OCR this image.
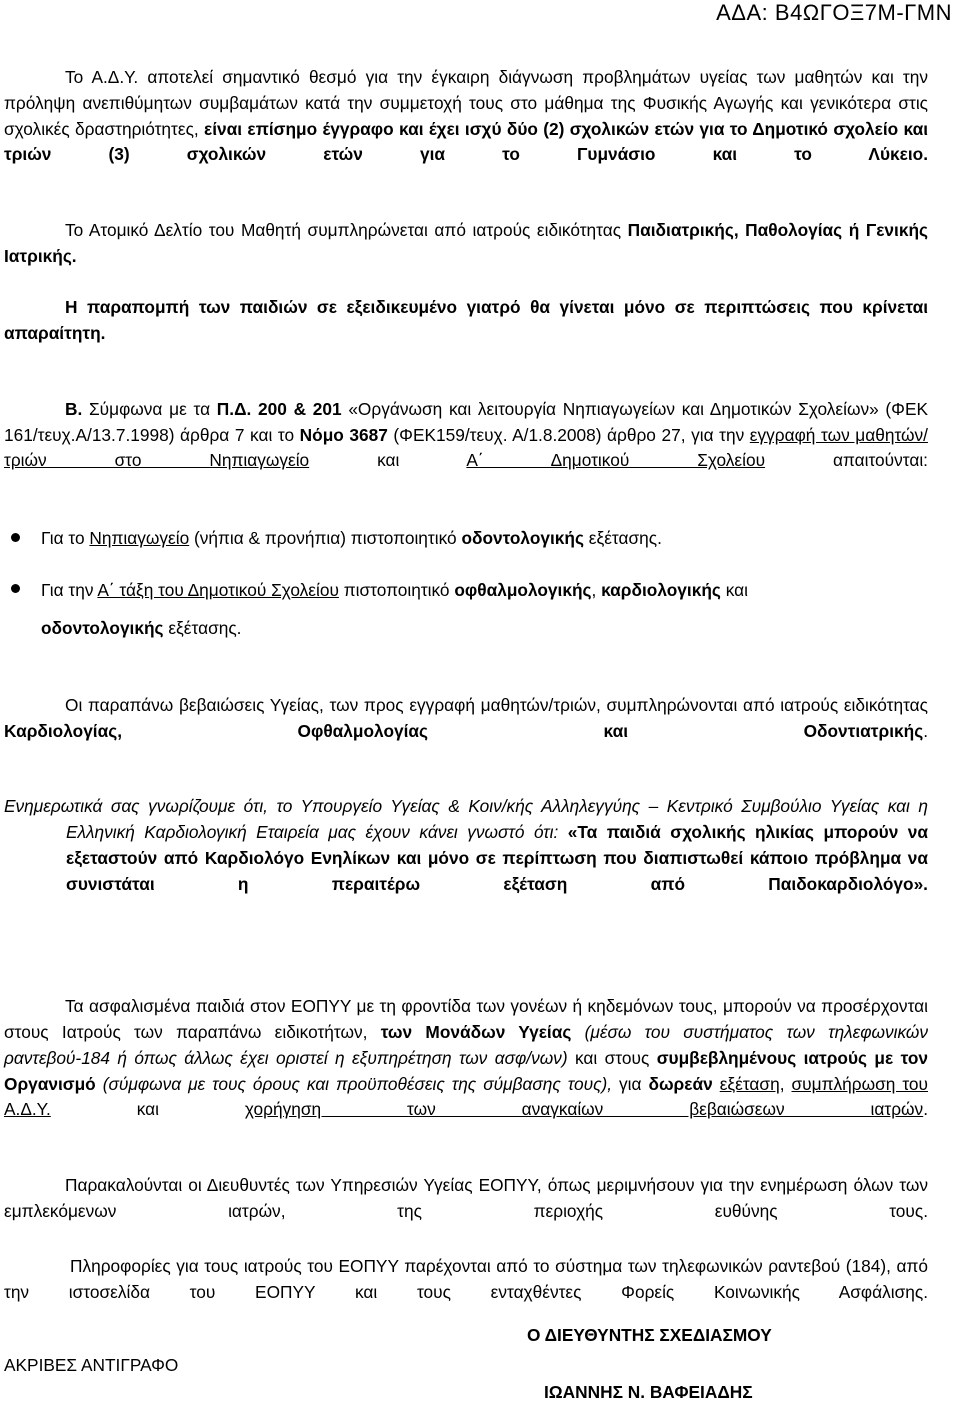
ΑΔΑ: Β4ΩΓΟΞ7Μ-ΓΜΝ

Το Α.Δ.Υ. αποτελεί σημαντικό θεσμό για την έγκαιρη διάγνωση προβλημάτων υγείας των μαθητών και την πρόληψη ανεπιθύμητων συμβαμάτων κατά την συμμετοχή τους στο μάθημα της Φυσικής Αγωγής και γενικότερα στις σχολικές δραστηριότητες, είναι επίσημο έγγραφο και έχει ισχύ δύο (2) σχολικών ετών για το Δημοτικό σχολείο και τριών (3) σχολικών ετών για το Γυμνάσιο και το Λύκειο.

Το Ατομικό Δελτίο του Μαθητή συμπληρώνεται από ιατρούς ειδικότητας Παιδιατρικής, Παθολογίας ή Γενικής Ιατρικής.

Η παραπομπή των παιδιών σε εξειδικευμένο γιατρό θα γίνεται μόνο σε περιπτώσεις που κρίνεται απαραίτητη.

Β. Σύμφωνα με τα Π.Δ. 200 & 201 «Οργάνωση και λειτουργία Νηπιαγωγείων και Δημοτικών Σχολείων» (ΦΕΚ 161/τευχ.Α/13.7.1998) άρθρα 7 και το Νόμο 3687 (ΦΕΚ159/τευχ. Α/1.8.2008) άρθρο 27, για την εγγραφή των μαθητών/τριών στο Νηπιαγωγείο και Α΄ Δημοτικού Σχολείου απαιτούνται:

Για το Νηπιαγωγείο (νήπια & προνήπια) πιστοποιητικό οδοντολογικής εξέτασης.
Για την Α΄ τάξη του Δημοτικού Σχολείου πιστοποιητικό οφθαλμολογικής, καρδιολογικής και
οδοντολογικής εξέτασης.

Οι παραπάνω βεβαιώσεις Υγείας, των προς εγγραφή μαθητών/τριών, συμπληρώνονται από ιατρούς ειδικότητας Καρδιολογίας, Οφθαλμολογίας και Οδοντιατρικής.

Ενημερωτικά σας γνωρίζουμε ότι, το Υπουργείο Υγείας & Κοιν/κής Αλληλεγγύης – Κεντρικό Συμβούλιο Υγείας και η Ελληνική Καρδιολογική Εταιρεία μας έχουν κάνει γνωστό ότι: «Τα παιδιά σχολικής ηλικίας μπορούν να εξεταστούν από Καρδιολόγο Ενηλίκων και μόνο σε περίπτωση που διαπιστωθεί κάποιο πρόβλημα να συνιστάται η περαιτέρω εξέταση από Παιδοκαρδιολόγο».

Τα ασφαλισμένα παιδιά στον ΕΟΠΥΥ με τη φροντίδα των γονέων ή κηδεμόνων τους, μπορούν να προσέρχονται στους Ιατρούς των παραπάνω ειδικοτήτων, των Μονάδων Υγείας (μέσω του συστήματος των τηλεφωνικών ραντεβού-184 ή όπως άλλως έχει οριστεί η εξυπηρέτηση των ασφ/νων) και στους συμβεβλημένους ιατρούς με τον Οργανισμό (σύμφωνα με τους όρους και προϋποθέσεις της σύμβασης τους), για δωρεάν εξέταση, συμπλήρωση του Α.Δ.Υ. και χορήγηση των αναγκαίων βεβαιώσεων ιατρών.

Παρακαλούνται οι Διευθυντές των Υπηρεσιών Υγείας ΕΟΠΥΥ, όπως μεριμνήσουν για την ενημέρωση όλων των εμπλεκόμενων ιατρών, της περιοχής ευθύνης τους.

Πληροφορίες για τους ιατρούς του ΕΟΠΥΥ παρέχονται από το σύστημα των τηλεφωνικών ραντεβού (184), από την ιστοσελίδα του ΕΟΠΥΥ και τους ενταχθέντες Φορείς Κοινωνικής Ασφάλισης.

Ο ΔΙΕΥΘΥΝΤΗΣ ΣΧΕΔΙΑΣΜΟΥ
ΑΚΡΙΒΕΣ ΑΝΤΙΓΡΑΦΟ
ΙΩΑΝΝΗΣ Ν. ΒΑΦΕΙΑΔΗΣ
